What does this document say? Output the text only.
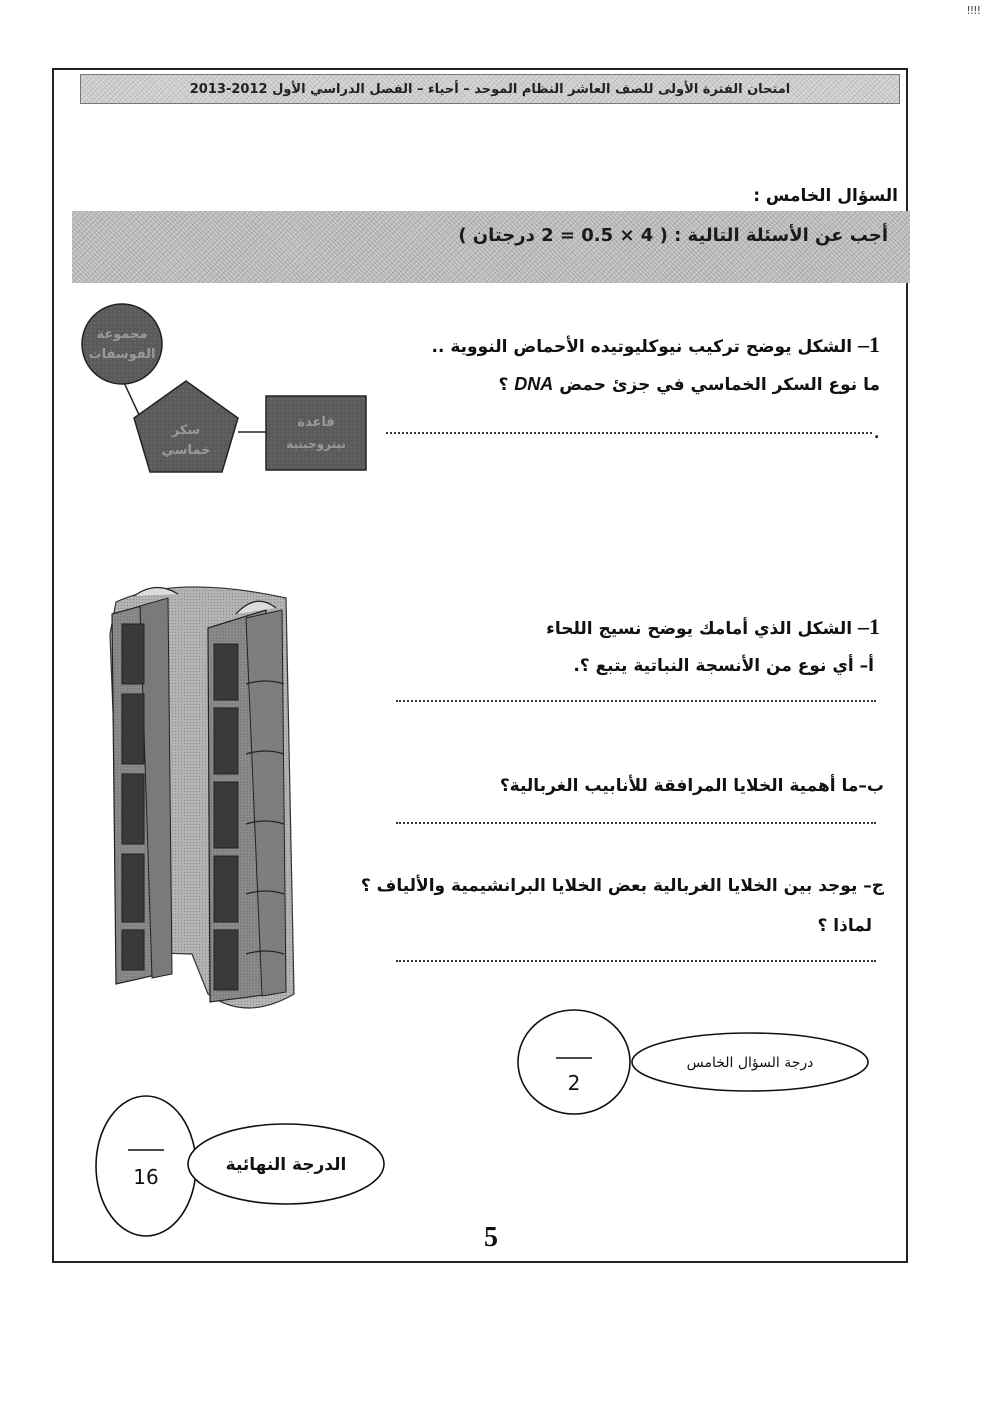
!!!!
امتحان الفترة الأولى للصف العاشر النظام الموحد – أحياء – الفصل الدراسي الأول 2012-2013
السؤال الخامس :
أجب عن الأسئلة التالية : ( 4 × 0.5 = 2 درجتان )
مجموعة
الفوسفات
سكر
خماسي
قاعدة
نيتروجينية
1– الشكل يوضح تركيب نيوكليوتيده الأحماض النووية ..
ما نوع السكر الخماسي في جزئ حمض DNA ؟
.
1– الشكل الذي أمامك يوضح نسيج اللحاء
أ– أي نوع من الأنسجة النباتية يتبع ؟.
ب–ما أهمية الخلايا المرافقة للأنابيب الغربالية؟
ج– يوجد بين الخلايا الغربالية بعض الخلايا البرانشيمية والألياف ؟
لماذا ؟
2
درجة السؤال الخامس
16	الدرجة النهائية
5
